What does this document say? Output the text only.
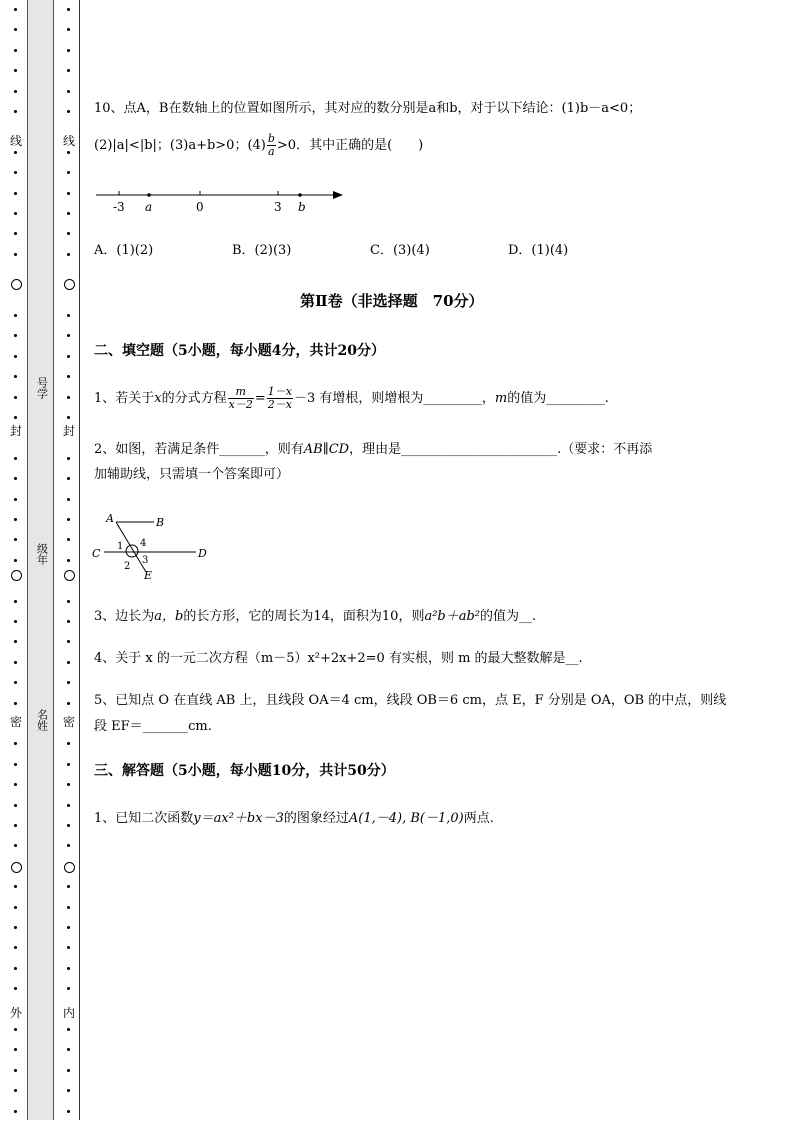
线
封
密
外
线
封
密
内
号学
级年
名姓
10、点A，B在数轴上的位置如图所示，其对应的数分别是a和b，对于以下结论：(1)b－a<0；
(2)|a|<|b|；(3)a+b>0；$(4) \frac{b}{a} >0$．其中正确的是(　　)
-3 a	0	3 b
A．(1)(2)	B．(2)(3)	C．(3)(4)	D．(1)(4)
第Ⅱ卷（非选择题　70分）
二、填空题（5小题，每小题4分，共计20分）
1、若关于x的分式方程 $\frac{m}{x-2} = \frac{1-x}{2-x} -3$ 有增根，则增根为_________，m的值为_________.
2、如图，若满足条件_______，则有AB∥CD，理由是________________________.（要求：不再添
加辅助线，只需填一个答案即可）
A	B
C	D
E
1
2
3
4
3、边长为a，b的长方形，它的周长为14，面积为10，则a²b＋ab²的值为__.
4、关于 x 的一元二次方程（m－5）x²+2x+2=0 有实根，则 m 的最大整数解是__.
5、已知点 O 在直线 AB 上，且线段 OA＝4 cm，线段 OB＝6 cm，点 E，F 分别是 OA，OB 的中点，则线
段 EF＝_______cm.
三、解答题（5小题，每小题10分，共计50分）
1、已知二次函数y＝ax²＋bx－3的图象经过A(1,－4), B(－1,0)两点.
